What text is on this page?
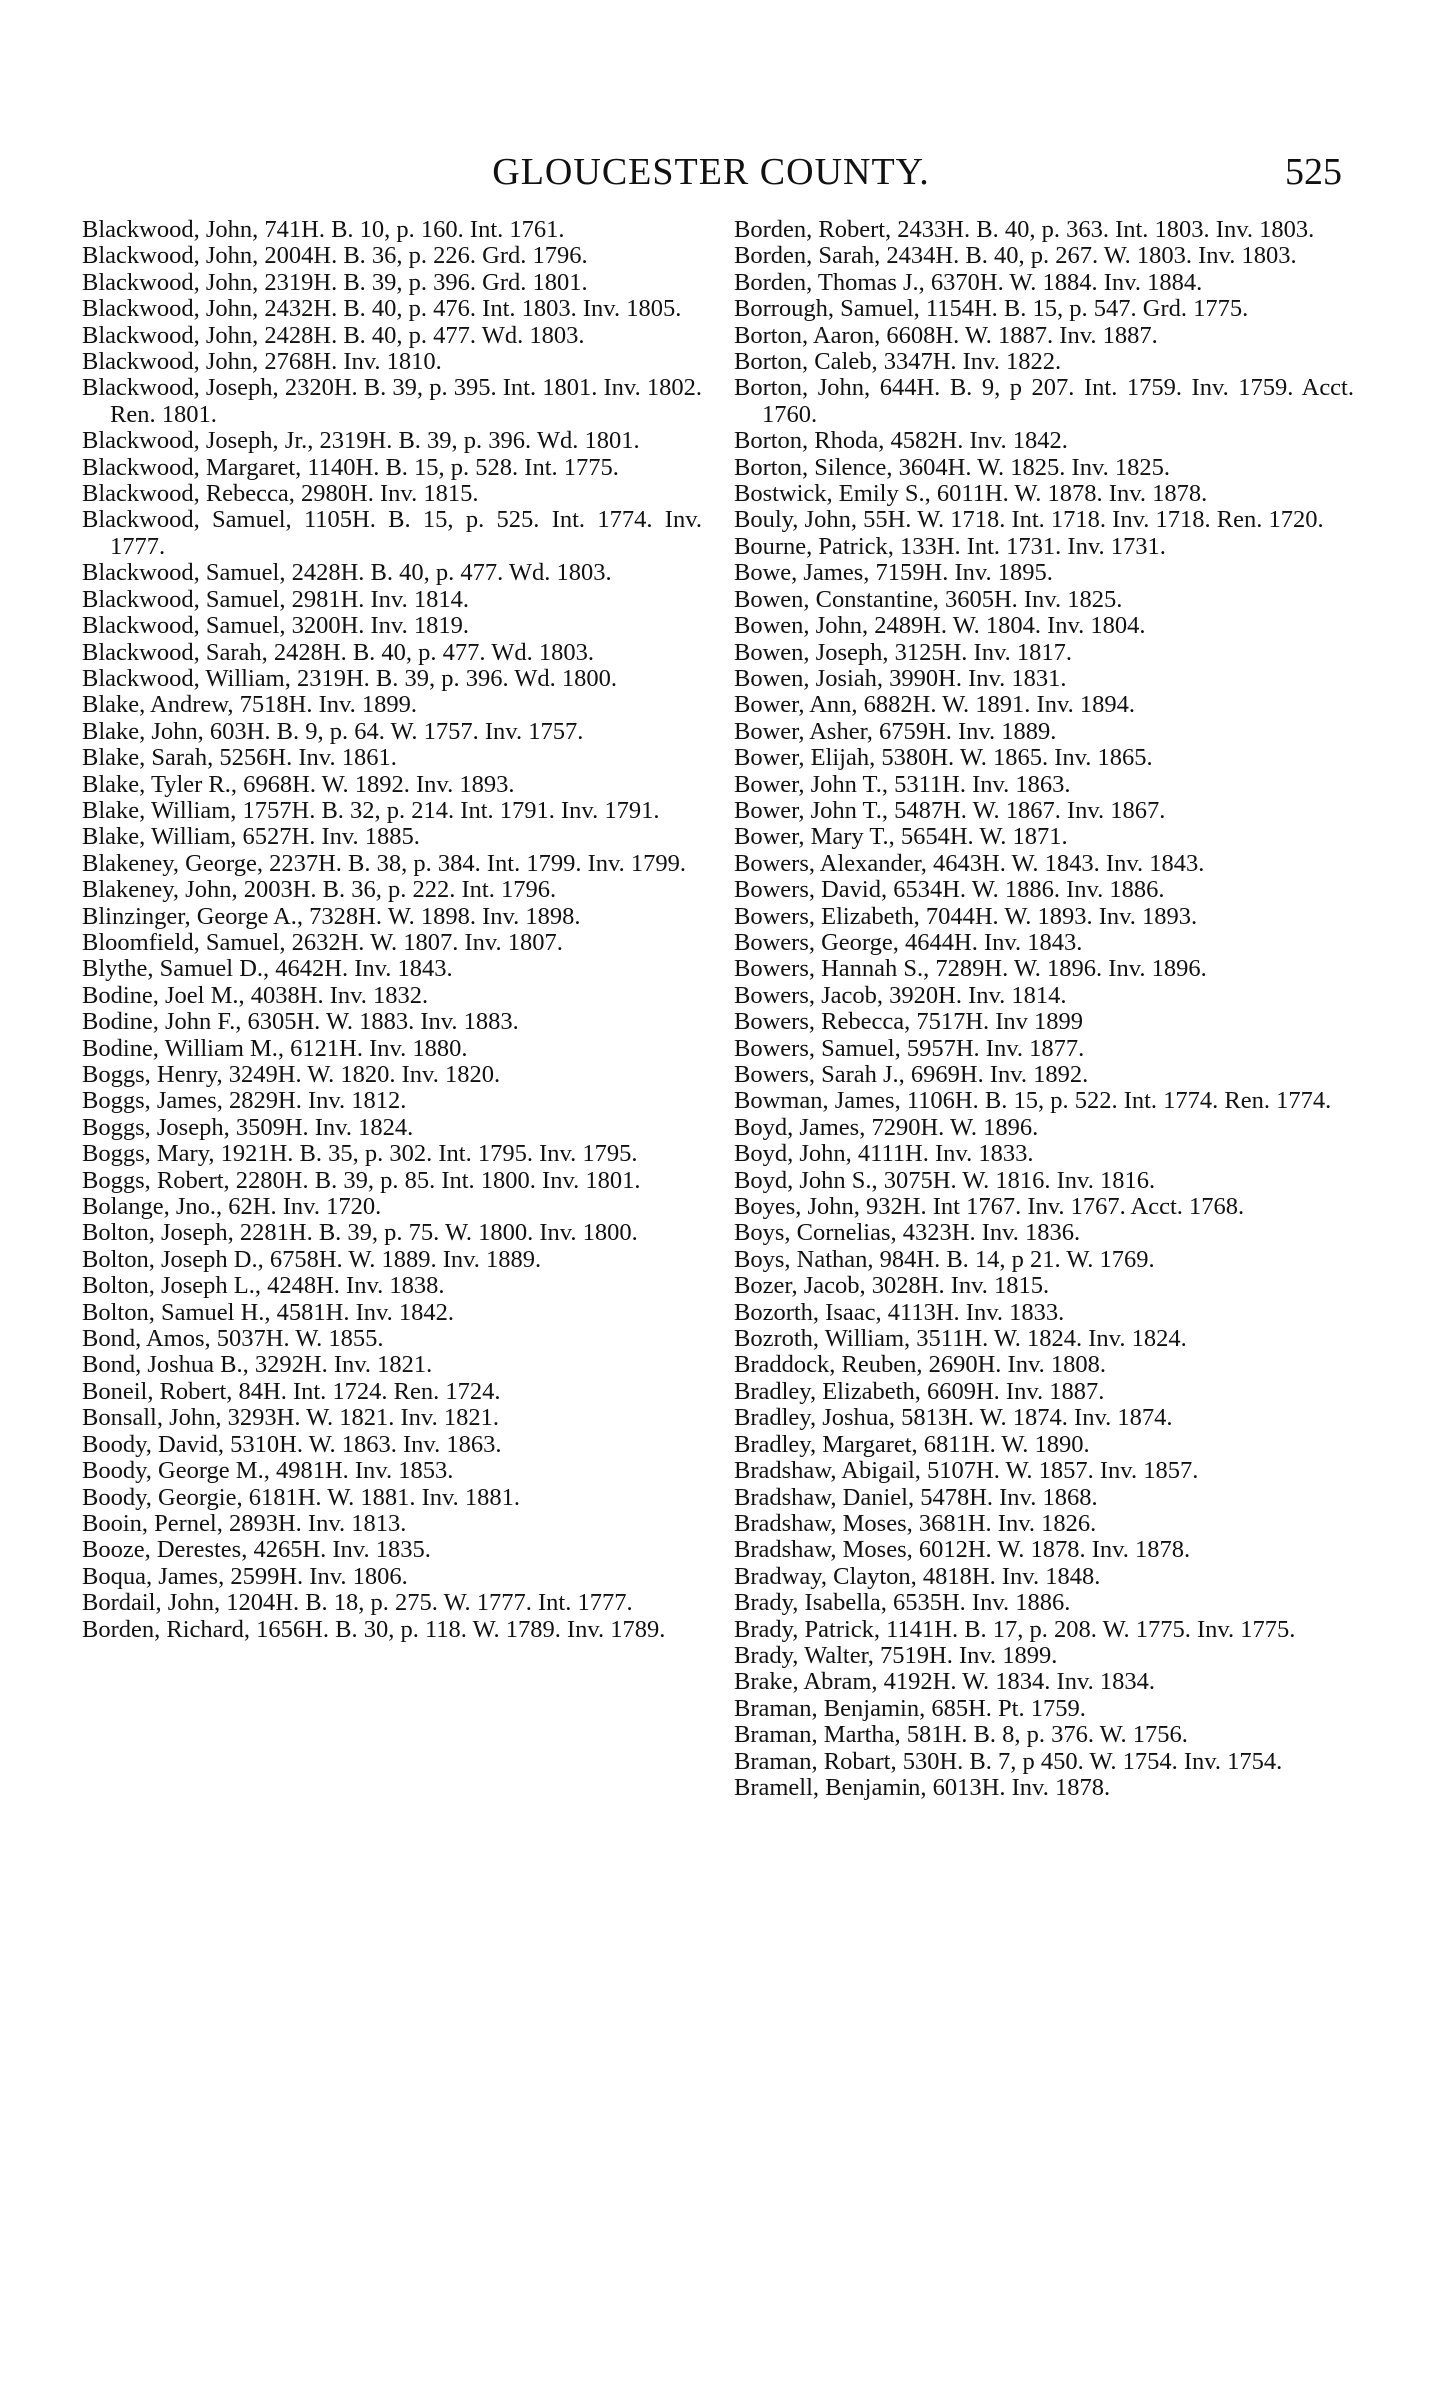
GLOUCESTER COUNTY.	525

Blackwood, John, 741H. B. 10, p. 160. Int. 1761.

Blackwood, John, 2004H. B. 36, p. 226. Grd. 1796.

Blackwood, John, 2319H. B. 39, p. 396. Grd. 1801.

Blackwood, John, 2432H. B. 40, p. 476. Int. 1803. Inv. 1805.

Blackwood, John, 2428H. B. 40, p. 477. Wd. 1803.

Blackwood, John, 2768H. Inv. 1810.

Blackwood, Joseph, 2320H. B. 39, p. 395. Int. 1801. Inv. 1802. Ren. 1801.

Blackwood, Joseph, Jr., 2319H. B. 39, p. 396. Wd. 1801.

Blackwood, Margaret, 1140H. B. 15, p. 528. Int. 1775.

Blackwood, Rebecca, 2980H. Inv. 1815.

Blackwood, Samuel, 1105H. B. 15, p. 525. Int. 1774. Inv. 1777.

Blackwood, Samuel, 2428H. B. 40, p. 477. Wd. 1803.

Blackwood, Samuel, 2981H. Inv. 1814.

Blackwood, Samuel, 3200H. Inv. 1819.

Blackwood, Sarah, 2428H. B. 40, p. 477. Wd. 1803.

Blackwood, William, 2319H. B. 39, p. 396. Wd. 1800.

Blake, Andrew, 7518H. Inv. 1899.

Blake, John, 603H. B. 9, p. 64. W. 1757. Inv. 1757.

Blake, Sarah, 5256H. Inv. 1861.

Blake, Tyler R., 6968H. W. 1892. Inv. 1893.

Blake, William, 1757H. B. 32, p. 214. Int. 1791. Inv. 1791.

Blake, William, 6527H. Inv. 1885.

Blakeney, George, 2237H. B. 38, p. 384. Int. 1799. Inv. 1799.

Blakeney, John, 2003H. B. 36, p. 222. Int. 1796.

Blinzinger, George A., 7328H. W. 1898. Inv. 1898.

Bloomfield, Samuel, 2632H. W. 1807. Inv. 1807.

Blythe, Samuel D., 4642H. Inv. 1843.

Bodine, Joel M., 4038H. Inv. 1832.

Bodine, John F., 6305H. W. 1883. Inv. 1883.

Bodine, William M., 6121H. Inv. 1880.

Boggs, Henry, 3249H. W. 1820. Inv. 1820.

Boggs, James, 2829H. Inv. 1812.

Boggs, Joseph, 3509H. Inv. 1824.

Boggs, Mary, 1921H. B. 35, p. 302. Int. 1795. Inv. 1795.

Boggs, Robert, 2280H. B. 39, p. 85. Int. 1800. Inv. 1801.

Bolange, Jno., 62H. Inv. 1720.

Bolton, Joseph, 2281H. B. 39, p. 75. W. 1800. Inv. 1800.

Bolton, Joseph D., 6758H. W. 1889. Inv. 1889.

Bolton, Joseph L., 4248H. Inv. 1838.

Bolton, Samuel H., 4581H. Inv. 1842.

Bond, Amos, 5037H. W. 1855.

Bond, Joshua B., 3292H. Inv. 1821.

Boneil, Robert, 84H. Int. 1724. Ren. 1724.

Bonsall, John, 3293H. W. 1821. Inv. 1821.

Boody, David, 5310H. W. 1863. Inv. 1863.

Boody, George M., 4981H. Inv. 1853.

Boody, Georgie, 6181H. W. 1881. Inv. 1881.

Booin, Pernel, 2893H. Inv. 1813.

Booze, Derestes, 4265H. Inv. 1835.

Boqua, James, 2599H. Inv. 1806.

Bordail, John, 1204H. B. 18, p. 275. W. 1777. Int. 1777.

Borden, Richard, 1656H. B. 30, p. 118. W. 1789. Inv. 1789.

Borden, Robert, 2433H. B. 40, p. 363. Int. 1803. Inv. 1803.

Borden, Sarah, 2434H. B. 40, p. 267. W. 1803. Inv. 1803.

Borden, Thomas J., 6370H. W. 1884. Inv. 1884.

Borrough, Samuel, 1154H. B. 15, p. 547. Grd. 1775.

Borton, Aaron, 6608H. W. 1887. Inv. 1887.

Borton, Caleb, 3347H. Inv. 1822.

Borton, John, 644H. B. 9, p 207. Int. 1759. Inv. 1759. Acct. 1760.

Borton, Rhoda, 4582H. Inv. 1842.

Borton, Silence, 3604H. W. 1825. Inv. 1825.

Bostwick, Emily S., 6011H. W. 1878. Inv. 1878.

Bouly, John, 55H. W. 1718. Int. 1718. Inv. 1718. Ren. 1720.

Bourne, Patrick, 133H. Int. 1731. Inv. 1731.

Bowe, James, 7159H. Inv. 1895.

Bowen, Constantine, 3605H. Inv. 1825.

Bowen, John, 2489H. W. 1804. Inv. 1804.

Bowen, Joseph, 3125H. Inv. 1817.

Bowen, Josiah, 3990H. Inv. 1831.

Bower, Ann, 6882H. W. 1891. Inv. 1894.

Bower, Asher, 6759H. Inv. 1889.

Bower, Elijah, 5380H. W. 1865. Inv. 1865.

Bower, John T., 5311H. Inv. 1863.

Bower, John T., 5487H. W. 1867. Inv. 1867.

Bower, Mary T., 5654H. W. 1871.

Bowers, Alexander, 4643H. W. 1843. Inv. 1843.

Bowers, David, 6534H. W. 1886. Inv. 1886.

Bowers, Elizabeth, 7044H. W. 1893. Inv. 1893.

Bowers, George, 4644H. Inv. 1843.

Bowers, Hannah S., 7289H. W. 1896. Inv. 1896.

Bowers, Jacob, 3920H. Inv. 1814.

Bowers, Rebecca, 7517H. Inv 1899

Bowers, Samuel, 5957H. Inv. 1877.

Bowers, Sarah J., 6969H. Inv. 1892.

Bowman, James, 1106H. B. 15, p. 522. Int. 1774. Ren. 1774.

Boyd, James, 7290H. W. 1896.

Boyd, John, 4111H. Inv. 1833.

Boyd, John S., 3075H. W. 1816. Inv. 1816.

Boyes, John, 932H. Int 1767. Inv. 1767. Acct. 1768.

Boys, Cornelias, 4323H. Inv. 1836.

Boys, Nathan, 984H. B. 14, p 21. W. 1769.

Bozer, Jacob, 3028H. Inv. 1815.

Bozorth, Isaac, 4113H. Inv. 1833.

Bozroth, William, 3511H. W. 1824. Inv. 1824.

Braddock, Reuben, 2690H. Inv. 1808.

Bradley, Elizabeth, 6609H. Inv. 1887.

Bradley, Joshua, 5813H. W. 1874. Inv. 1874.

Bradley, Margaret, 6811H. W. 1890.

Bradshaw, Abigail, 5107H. W. 1857. Inv. 1857.

Bradshaw, Daniel, 5478H. Inv. 1868.

Bradshaw, Moses, 3681H. Inv. 1826.

Bradshaw, Moses, 6012H. W. 1878. Inv. 1878.

Bradway, Clayton, 4818H. Inv. 1848.

Brady, Isabella, 6535H. Inv. 1886.

Brady, Patrick, 1141H. B. 17, p. 208. W. 1775. Inv. 1775.

Brady, Walter, 7519H. Inv. 1899.

Brake, Abram, 4192H. W. 1834. Inv. 1834.

Braman, Benjamin, 685H. Pt. 1759.

Braman, Martha, 581H. B. 8, p. 376. W. 1756.

Braman, Robart, 530H. B. 7, p 450. W. 1754. Inv. 1754.

Bramell, Benjamin, 6013H. Inv. 1878.
